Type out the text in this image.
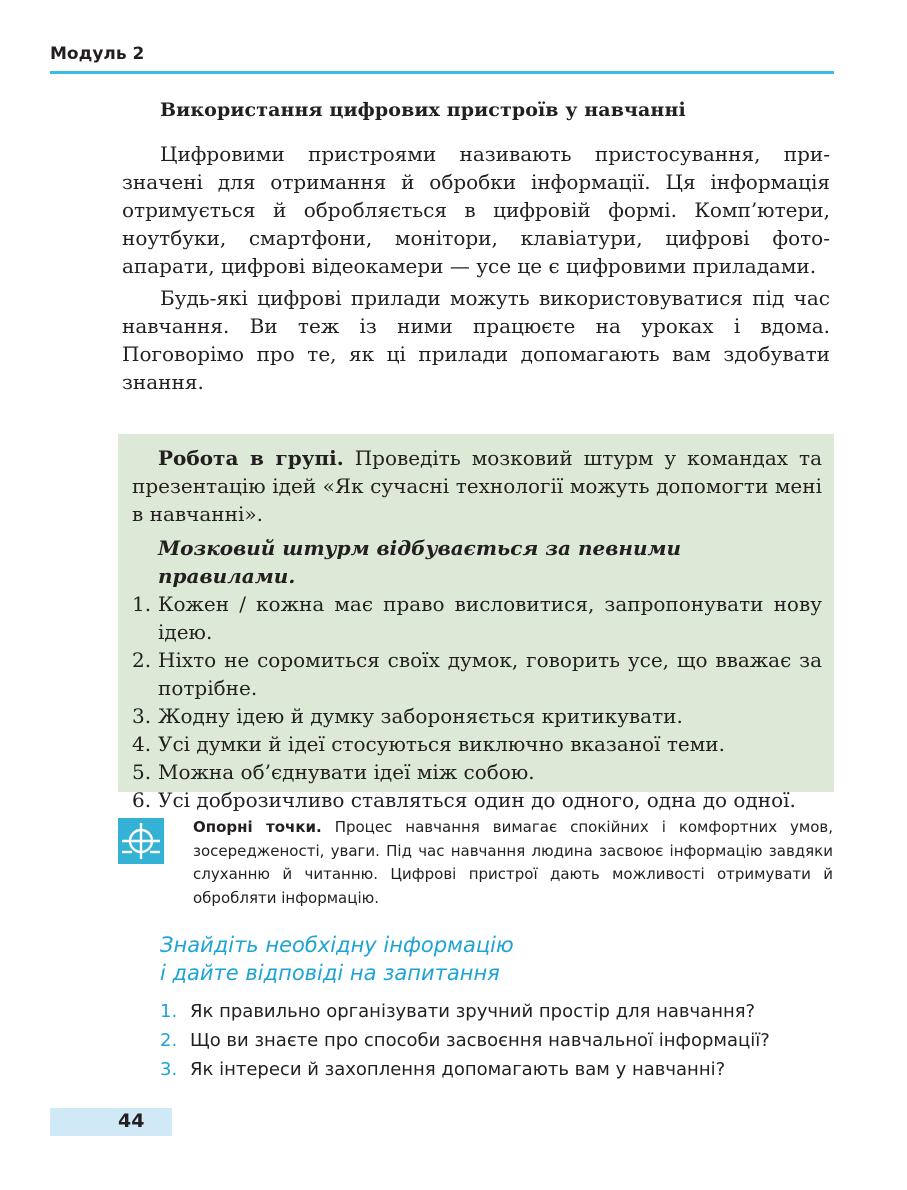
Модуль 2
Використання цифрових пристроїв у навчанні

Цифровими пристроями називають пристосування, призначені для отримання й обробки інформації. Ця інформація отримується й обробляється в цифровій формі. Комп’ютери, ноутбуки, смартфони, монітори, клавіатури, цифрові фотоапарати, цифрові відеокамери — усе це є цифровими приладами.

Будь-які цифрові прилади можуть використовуватися під час навчання. Ви теж із ними працюєте на уроках і вдома. Поговорімо про те, як ці прилади допомагають вам здобувати знання.

Робота в групі. Проведіть мозковий штурм у командах та презентацію ідей «Як сучасні технології можуть допомогти мені в навчанні».

Мозковий штурм відбувається за певними правилами.

1. Кожен / кожна має право висловитися, запропонувати нову ідею.
2. Ніхто не соромиться своїх думок, говорить усе, що вважає за потрібне.
3. Жодну ідею й думку забороняється критикувати.
4. Усі думки й ідеї стосуються виключно вказаної теми.
5. Можна об’єднувати ідеї між собою.
6. Усі доброзичливо ставляться один до одного, одна до одної.

Опорні точки. Процес навчання вимагає спокійних і комфортних умов, зосередженості, уваги. Під час навчання людина засвоює інформацію завдяки слуханню й читанню. Цифрові пристрої дають можливості отримувати й обробляти інформацію.

Знайдіть необхідну інформацію
і дайте відповіді на запитання
1. Як правильно організувати зручний простір для навчання?
2. Що ви знаєте про способи засвоєння навчальної інформації?
3. Як інтереси й захоплення допомагають вам у навчанні?
44
